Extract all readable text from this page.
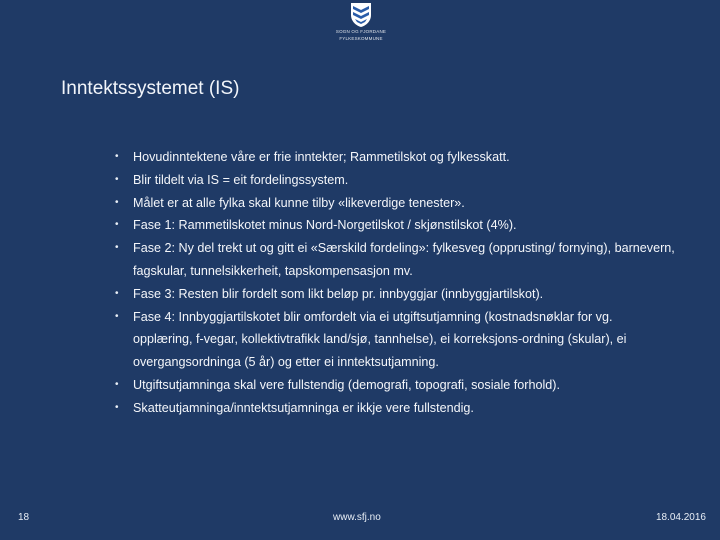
SOGN OG FJORDANE
FYLKESKOMMUNE
Inntektssystemet (IS)
• Hovudinntektene våre er frie inntekter; Rammetilskot og fylkesskatt.
• Blir tildelt via IS = eit fordelingssystem.
• Målet er at alle fylka skal kunne tilby «likeverdige tenester».
• Fase 1: Rammetilskotet minus Nord-Norgetilskot / skjønstilskot (4%).
• Fase 2: Ny del trekt ut og gitt ei «Særskild fordeling»: fylkesveg (opprusting/ fornying), barnevern, fagskular, tunnelsikkerheit, tapskompensasjon mv.
• Fase 3: Resten blir fordelt som likt beløp pr. innbyggjar (innbyggjartilskot).
• Fase 4: Innbyggjartilskotet blir omfordelt via ei utgiftsutjamning (kostnadsnøklar for vg. opplæring, f-vegar, kollektivtrafikk land/sjø, tannhelse), ei korreksjons-ordning (skular), ei overgangsordninga (5 år) og etter ei inntektsutjamning.
• Utgiftsutjamninga skal vere fullstendig (demografi, topografi, sosiale forhold).
• Skatteutjamninga/inntektsutjamninga er ikkje vere fullstendig.
18	www.sfj.no	18.04.2016
